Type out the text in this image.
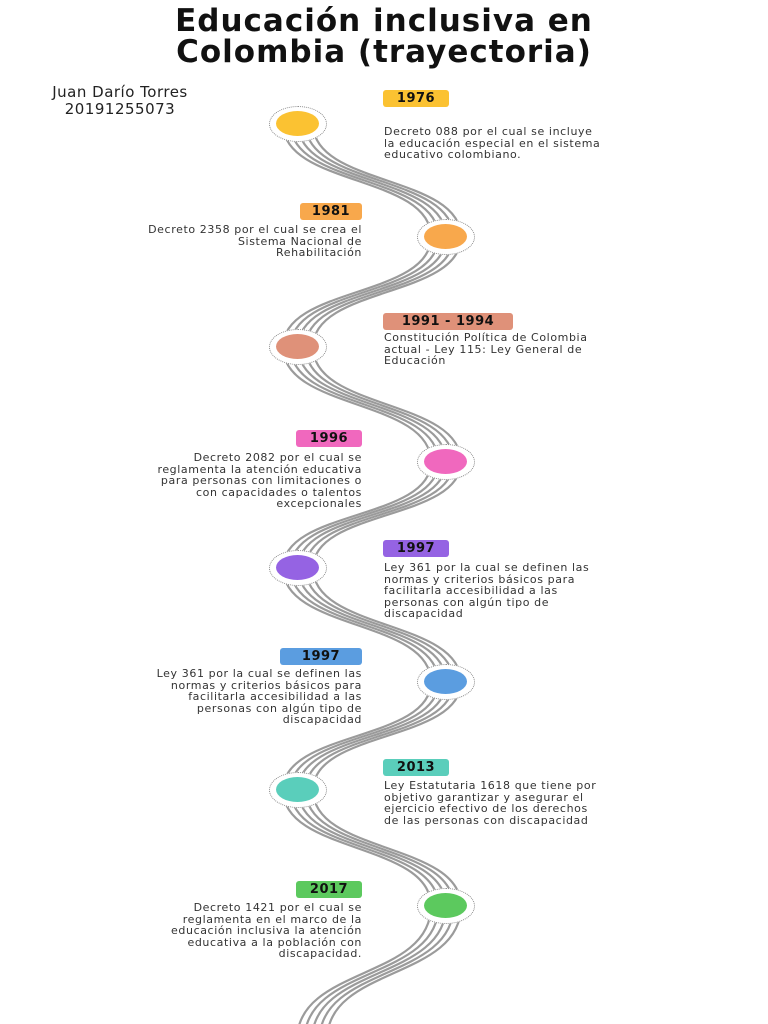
Educación inclusiva en
Colombia (trayectoria)
Juan Darío Torres
20191255073
1976
Decreto 088 por el cual se incluye
la educación especial en el sistema
educativo colombiano.
1981
Decreto 2358 por el cual se crea el
Sistema Nacional de
Rehabilitación
1991 - 1994
Constitución Política de Colombia
actual - Ley 115: Ley General de
Educación
1996
Decreto 2082 por el cual se
reglamenta la atención educativa
para personas con limitaciones o
con capacidades o talentos
excepcionales
1997
Ley 361 por la cual se definen las
normas y criterios básicos para
facilitarla accesibilidad a las
personas con algún tipo de
discapacidad
1997
Ley 361 por la cual se definen las
normas y criterios básicos para
facilitarla accesibilidad a las
personas con algún tipo de
discapacidad
2013
Ley Estatutaria 1618 que tiene por
objetivo garantizar y asegurar el
ejercicio efectivo de los derechos
de las personas con discapacidad
2017
Decreto 1421 por el cual se
reglamenta en el marco de la
educación inclusiva la atención
educativa a la población con
discapacidad.
